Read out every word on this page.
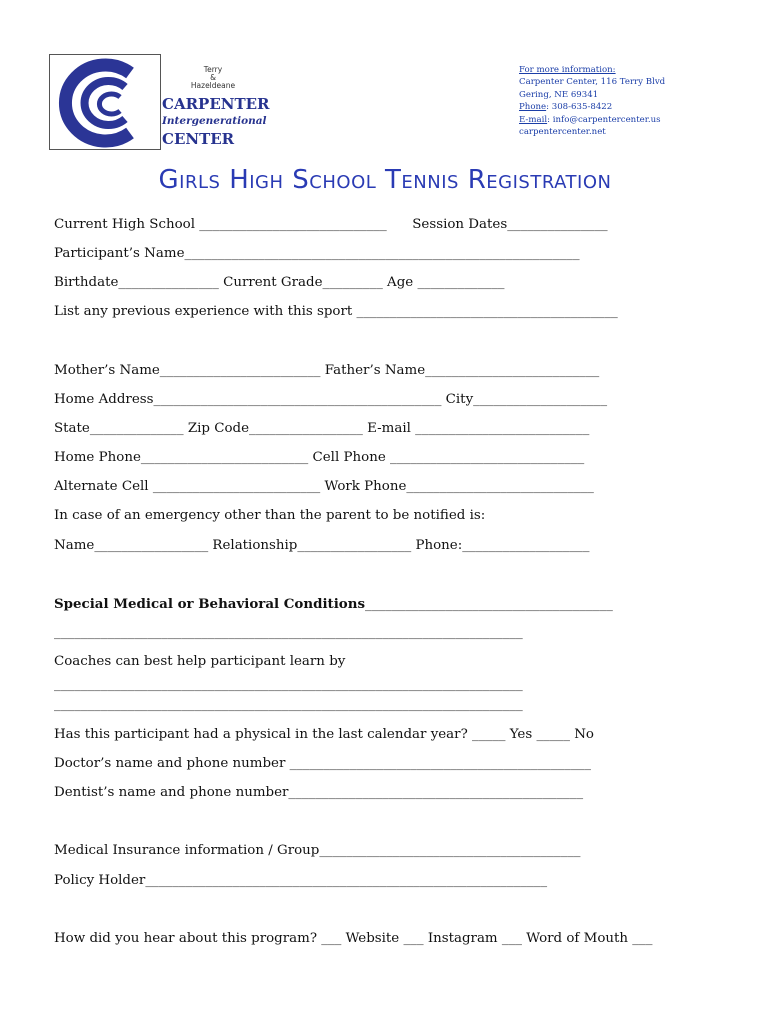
Terry
&
Hazeldeane
CARPENTER
Intergenerational
CENTER
For more information:
Carpenter Center, 116 Terry Blvd
Gering, NE 69341
Phone: 308-635-8422
E-mail: info@carpentercenter.us
carpentercenter.net
Girls High School Tennis Registration
Current High School ____________________________      Session Dates_______________
Participant’s Name___________________________________________________________
Birthdate_______________ Current Grade_________ Age _____________
List any previous experience with this sport _______________________________________
Mother’s Name________________________ Father’s Name__________________________
Home Address___________________________________________ City____________________
State______________ Zip Code_________________ E-mail __________________________
Home Phone_________________________ Cell Phone _____________________________
Alternate Cell _________________________ Work Phone____________________________
In case of an emergency other than the parent to be notified is:
Name_________________ Relationship_________________ Phone:___________________
Special Medical or Behavioral Conditions_____________________________________
______________________________________________________________________
Coaches can best help participant learn by
______________________________________________________________________
______________________________________________________________________
Has this participant had a physical in the last calendar year? _____ Yes _____ No
Doctor’s name and phone number _____________________________________________
Dentist’s name and phone number____________________________________________
Medical Insurance information / Group_______________________________________
Policy Holder____________________________________________________________
How did you hear about this program? ___ Website ___ Instagram ___ Word of Mouth ___
